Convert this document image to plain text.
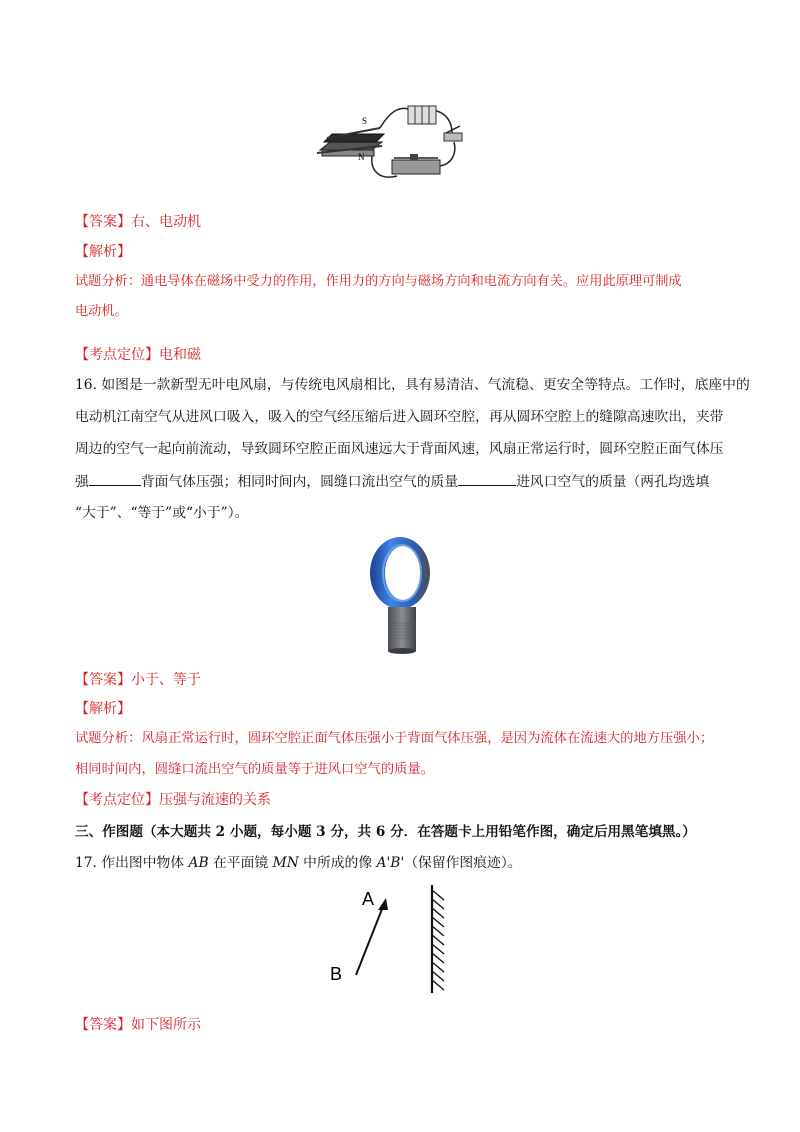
S
N
【答案】右、电动机
【解析】
试题分析：通电导体在磁场中受力的作用，作用力的方向与磁场方向和电流方向有关。应用此原理可制成
电动机。
【考点定位】电和磁
16. 如图是一款新型无叶电风扇，与传统电风扇相比，具有易清洁、气流稳、更安全等特点。工作时，底座中的
电动机江南空气从进风口吸入，吸入的空气经压缩后进入圆环空腔，再从圆环空腔上的缝隙高速吹出，夹带
周边的空气一起向前流动，导致圆环空腔正面风速远大于背面风速，风扇正常运行时，圆环空腔正面气体压
强	背面气体压强；相同时间内，圆缝口流出空气的质量	进风口空气的质量（两孔均选填
“大于”、“等于”或“小于”）。
【答案】小于、等于
【解析】
试题分析：风扇正常运行时，圆环空腔正面气体压强小于背面气体压强，是因为流体在流速大的地方压强小；
相同时间内，圆缝口流出空气的质量等于进风口空气的质量。
【考点定位】压强与流速的关系
三、作图题（本大题共 2 小题，每小题 3 分，共 6 分．在答题卡上用铅笔作图，确定后用黑笔填黑。）
17. 作出图中物体 AB 在平面镜 MN 中所成的像 A'B'（保留作图痕迹）。
A
B
【答案】如下图所示
